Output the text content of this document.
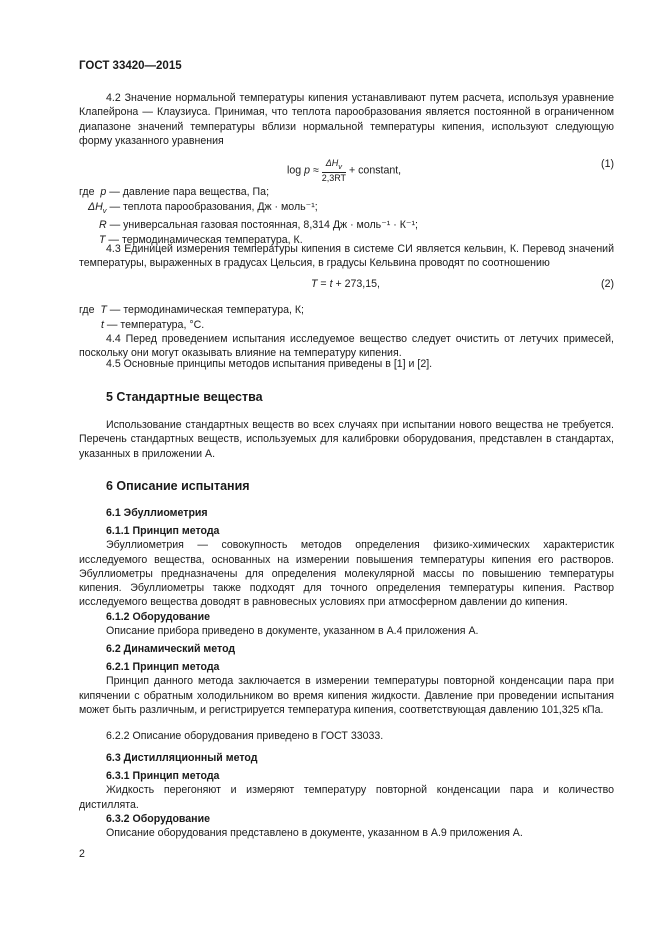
ГОСТ 33420—2015

4.2 Значение нормальной температуры кипения устанавливают путем расчета, используя уравнение Клапейрона — Клаузиуса. Принимая, что теплота парообразования является постоянной в ограниченном диапазоне значений температуры вблизи нормальной температуры кипения, используют следующую форму указанного уравнения

$\log p \approx \frac{\Delta H_v}{2,3RT}$ + constant,
(1)
где p — давление пара вещества, Па;
$\Delta H_v$ — теплота парообразования, Дж · моль⁻¹;
R — универсальная газовая постоянная, 8,314 Дж · моль⁻¹ · К⁻¹;
T — термодинамическая температура, К.

4.3 Единицей измерения температуры кипения в системе СИ является кельвин, К. Перевод значений температуры, выраженных в градусах Цельсия, в градусы Кельвина проводят по соотношению

T = t + 273,15,	(2)
где T — термодинамическая температура, К;
t — температура, °С.

4.4 Перед проведением испытания исследуемое вещество следует очистить от летучих примесей, поскольку они могут оказывать влияние на температуру кипения.

4.5 Основные принципы методов испытания приведены в [1] и [2].

5 Стандартные вещества

Использование стандартных веществ во всех случаях при испытании нового вещества не требуется. Перечень стандартных веществ, используемых для калибровки оборудования, представлен в стандартах, указанных в приложении А.

6 Описание испытания
6.1 Эбуллиометрия
6.1.1 Принцип метода

Эбуллиометрия — совокупность методов определения физико-химических характеристик исследуемого вещества, основанных на измерении повышения температуры кипения его растворов. Эбуллиометры предназначены для определения молекулярной массы по повышению температуры кипения. Эбуллиометры также подходят для точного определения температуры кипения. Раствор исследуемого вещества доводят в равновесных условиях при атмосферном давлении до кипения.

6.1.2 Оборудование

Описание прибора приведено в документе, указанном в А.4 приложения А.

6.2 Динамический метод
6.2.1 Принцип метода

Принцип данного метода заключается в измерении температуры повторной конденсации пара при кипячении с обратным холодильником во время кипения жидкости. Давление при проведении испытания может быть различным, и регистрируется температура кипения, соответствующая давлению 101,325 кПа.

6.2.2 Описание оборудования приведено в ГОСТ 33033.

6.3 Дистилляционный метод
6.3.1 Принцип метода

Жидкость перегоняют и измеряют температуру повторной конденсации пара и количество дистиллята.

6.3.2 Оборудование

Описание оборудования представлено в документе, указанном в А.9 приложения А.

2
